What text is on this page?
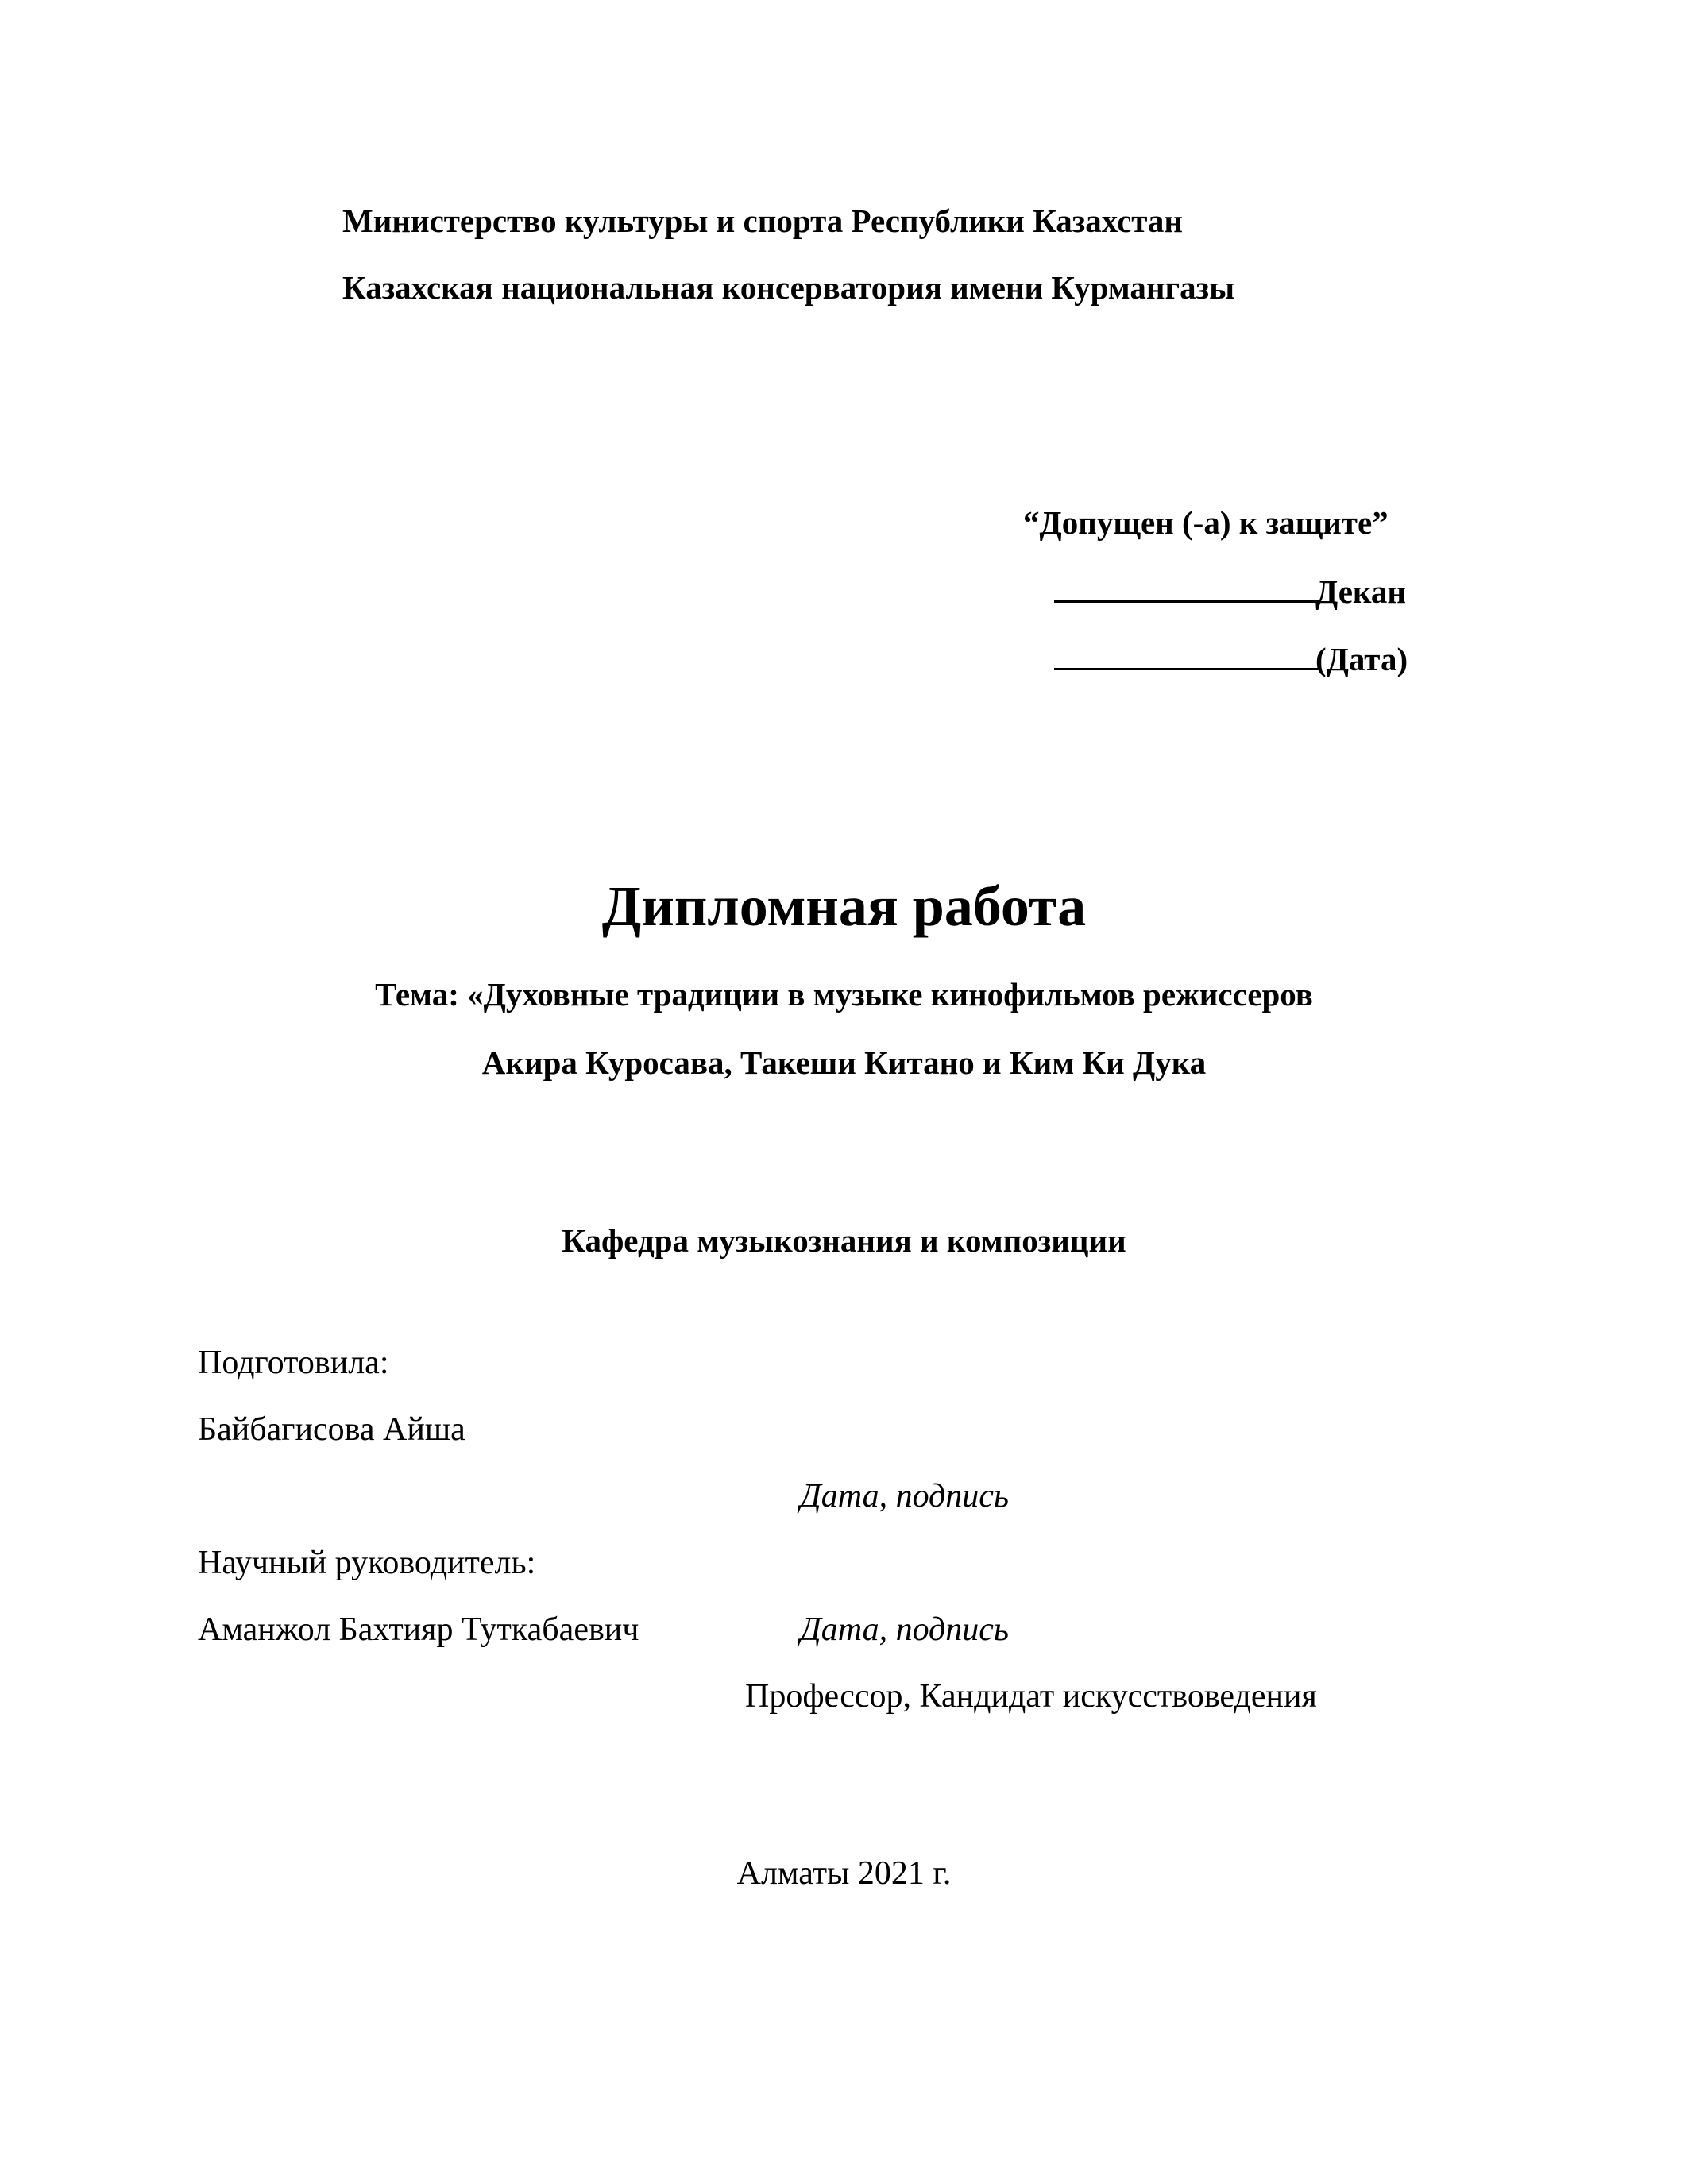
Министерство культуры и спорта Республики Казахстан
Казахская национальная консерватория имени Курмангазы
“Допущен (-а) к защите”
Декан
(Дата)
Дипломная работа
Тема: «Духовные традиции в музыке кинофильмов режиссеров
Акира Куросава, Такеши Китано и Ким Ки Дука
Кафедра музыкознания и композиции
Подготовила:
Байбагисова Айша
Дата, подпись
Научный руководитель:
Аманжол Бахтияр Туткабаевич	Дата, подпись
Профессор, Кандидат искусствоведения
Алматы 2021 г.
